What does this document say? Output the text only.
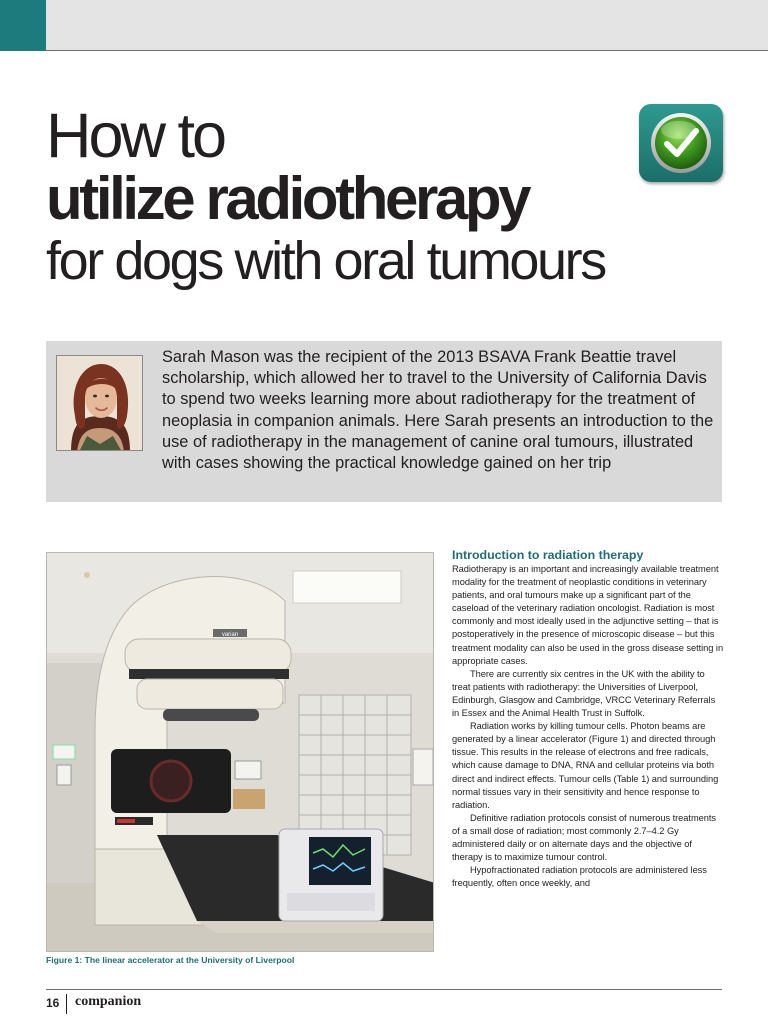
How to
utilize radiotherapy
for dogs with oral tumours

Sarah Mason was the recipient of the 2013 BSAVA Frank Beattie travel scholarship, which allowed her to travel to the University of California Davis to spend two weeks learning more about radiotherapy for the treatment of neoplasia in companion animals. Here Sarah presents an introduction to the use of radiotherapy in the management of canine oral tumours, illustrated with cases showing the practical knowledge gained on her trip

varian
Figure 1: The linear accelerator at the University of Liverpool
Introduction to radiation therapy

Radiotherapy is an important and increasingly available treatment modality for the treatment of neoplastic conditions in veterinary patients, and oral tumours make up a significant part of the caseload of the veterinary radiation oncologist. Radiation is most commonly and most ideally used in the adjunctive setting – that is postoperatively in the presence of microscopic disease – but this treatment modality can also be used in the gross disease setting in appropriate cases.

There are currently six centres in the UK with the ability to treat patients with radiotherapy: the Universities of Liverpool, Edinburgh, Glasgow and Cambridge, VRCC Veterinary Referrals in Essex and the Animal Health Trust in Suffolk.

Radiation works by killing tumour cells. Photon beams are generated by a linear accelerator (Figure 1) and directed through tissue. This results in the release of electrons and free radicals, which cause damage to DNA, RNA and cellular proteins via both direct and indirect effects. Tumour cells (Table 1) and surrounding normal tissues vary in their sensitivity and hence response to radiation.

Definitive radiation protocols consist of numerous treatments of a small dose of radiation; most commonly 2.7–4.2 Gy administered daily or on alternate days and the objective of therapy is to maximize tumour control.

Hypofractionated radiation protocols are administered less frequently, often once weekly, and

16 companion
